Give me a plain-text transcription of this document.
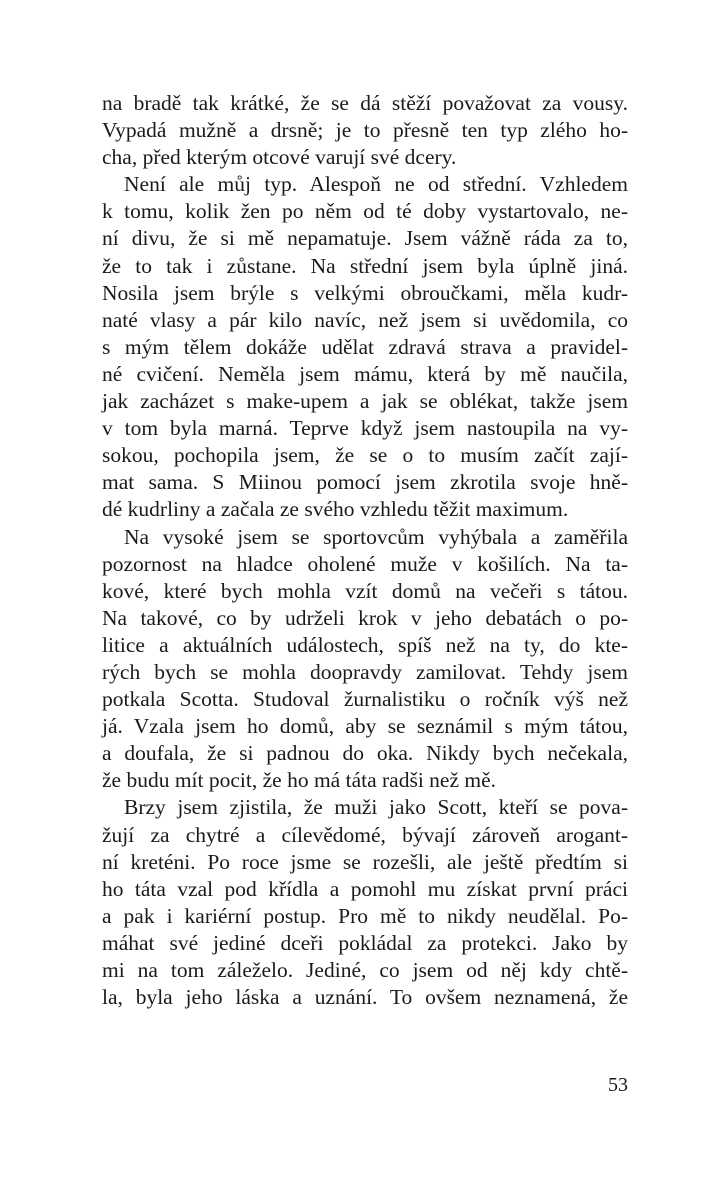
na bradě tak krátké, že se dá stěží považovat za vousy.
Vypadá mužně a drsně; je to přesně ten typ zlého ho-
cha, před kterým otcové varují své dcery.
Není ale můj typ. Alespoň ne od střední. Vzhledem
k tomu, kolik žen po něm od té doby vystartovalo, ne-
ní divu, že si mě nepamatuje. Jsem vážně ráda za to,
že to tak i zůstane. Na střední jsem byla úplně jiná.
Nosila jsem brýle s velkými obroučkami, měla kudr-
naté vlasy a pár kilo navíc, než jsem si uvědomila, co
s mým tělem dokáže udělat zdravá strava a pravidel-
né cvičení. Neměla jsem mámu, která by mě naučila,
jak zacházet s make-upem a jak se oblékat, takže jsem
v tom byla marná. Teprve když jsem nastoupila na vy-
sokou, pochopila jsem, že se o to musím začít zají-
mat sama. S Miinou pomocí jsem zkrotila svoje hně-
dé kudrliny a začala ze svého vzhledu těžit maximum.
Na vysoké jsem se sportovcům vyhýbala a zaměřila
pozornost na hladce oholené muže v košilích. Na ta-
kové, které bych mohla vzít domů na večeři s tátou.
Na takové, co by udrželi krok v jeho debatách o po-
litice a aktuálních událostech, spíš než na ty, do kte-
rých bych se mohla doopravdy zamilovat. Tehdy jsem
potkala Scotta. Studoval žurnalistiku o ročník výš než
já. Vzala jsem ho domů, aby se seznámil s mým tátou,
a doufala, že si padnou do oka. Nikdy bych nečekala,
že budu mít pocit, že ho má táta radši než mě.
Brzy jsem zjistila, že muži jako Scott, kteří se pova-
žují za chytré a cílevědomé, bývají zároveň arogant-
ní kreténi. Po roce jsme se rozešli, ale ještě předtím si
ho táta vzal pod křídla a pomohl mu získat první práci
a pak i kariérní postup. Pro mě to nikdy neudělal. Po-
máhat své jediné dceři pokládal za protekci. Jako by
mi na tom záleželo. Jediné, co jsem od něj kdy chtě-
la, byla jeho láska a uznání. To ovšem neznamená, že
53
